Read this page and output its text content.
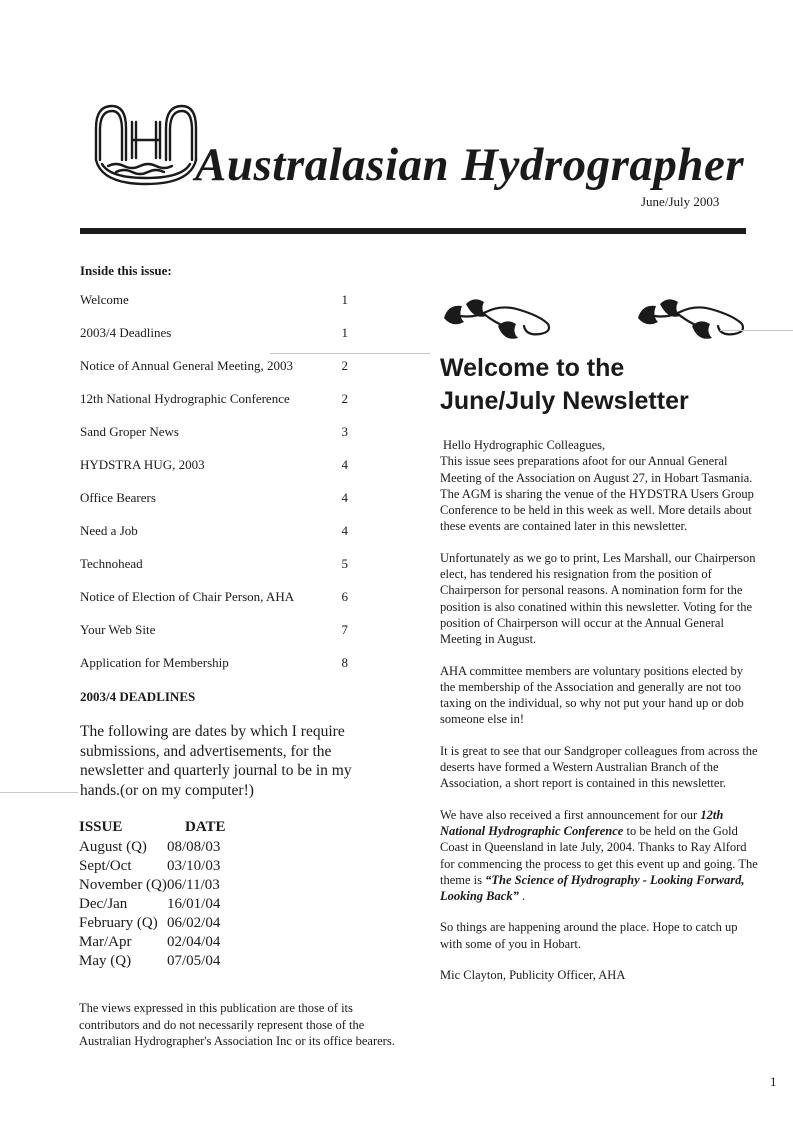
Australasian Hydrographer
June/July 2003
Inside this issue:
Welcome	1
2003/4 Deadlines	1
Notice of Annual General Meeting, 2003	2
12th National Hydrographic Conference	2
Sand Groper News	3
HYDSTRA HUG, 2003	4
Office Bearers	4
Need a Job	4
Technohead	5
Notice of Election of Chair Person, AHA	6
Your Web Site	7
Application for Membership	8
2003/4 DEADLINES
The following are dates by which I require submissions, and advertisements, for the newsletter and quarterly journal to be in my hands.(or on my computer!)
ISSUE	DATE
August (Q) 08/08/03
Sept/Oct 03/10/03
November (Q) 06/11/03
Dec/Jan	16/01/04
February (Q) 06/02/04
Mar/Apr 02/04/04
May (Q) 07/05/04
The views expressed in this publication are those of its contributors and do not necessarily represent those of the Australian Hydrographer's Association Inc or its office bearers.
Welcome to the
June/July Newsletter

Hello Hydrographic Colleagues,

This issue sees preparations afoot for our Annual General Meeting of the Association on August 27, in Hobart Tasmania. The AGM is sharing the venue of the HYDSTRA Users Group Conference to be held in this week as well. More details about these events are contained later in this newsletter.

Unfortunately as we go to print, Les Marshall, our Chairperson elect, has tendered his resignation from the position of Chairperson for personal reasons. A nomination form for the position is also conatined within this newsletter. Voting for the position of Chairperson will occur at the Annual General Meeting in August.

AHA committee members are voluntary positions elected by the membership of the Association and generally are not too taxing on the individual, so why not put your hand up or dob someone else in!

It is great to see that our Sandgroper colleagues from across the deserts have formed a Western Australian Branch of the Association, a short report is contained in this newsletter.

We have also received a first announcement for our 12th National Hydrographic Conference to be held on the Gold Coast in Queensland in late July, 2004. Thanks to Ray Alford for commencing the process to get this event up and going. The theme is “The Science of Hydrography - Looking Forward, Looking Back” .

So things are happening around the place. Hope to catch up with some of you in Hobart.

Mic Clayton, Publicity Officer, AHA

1
